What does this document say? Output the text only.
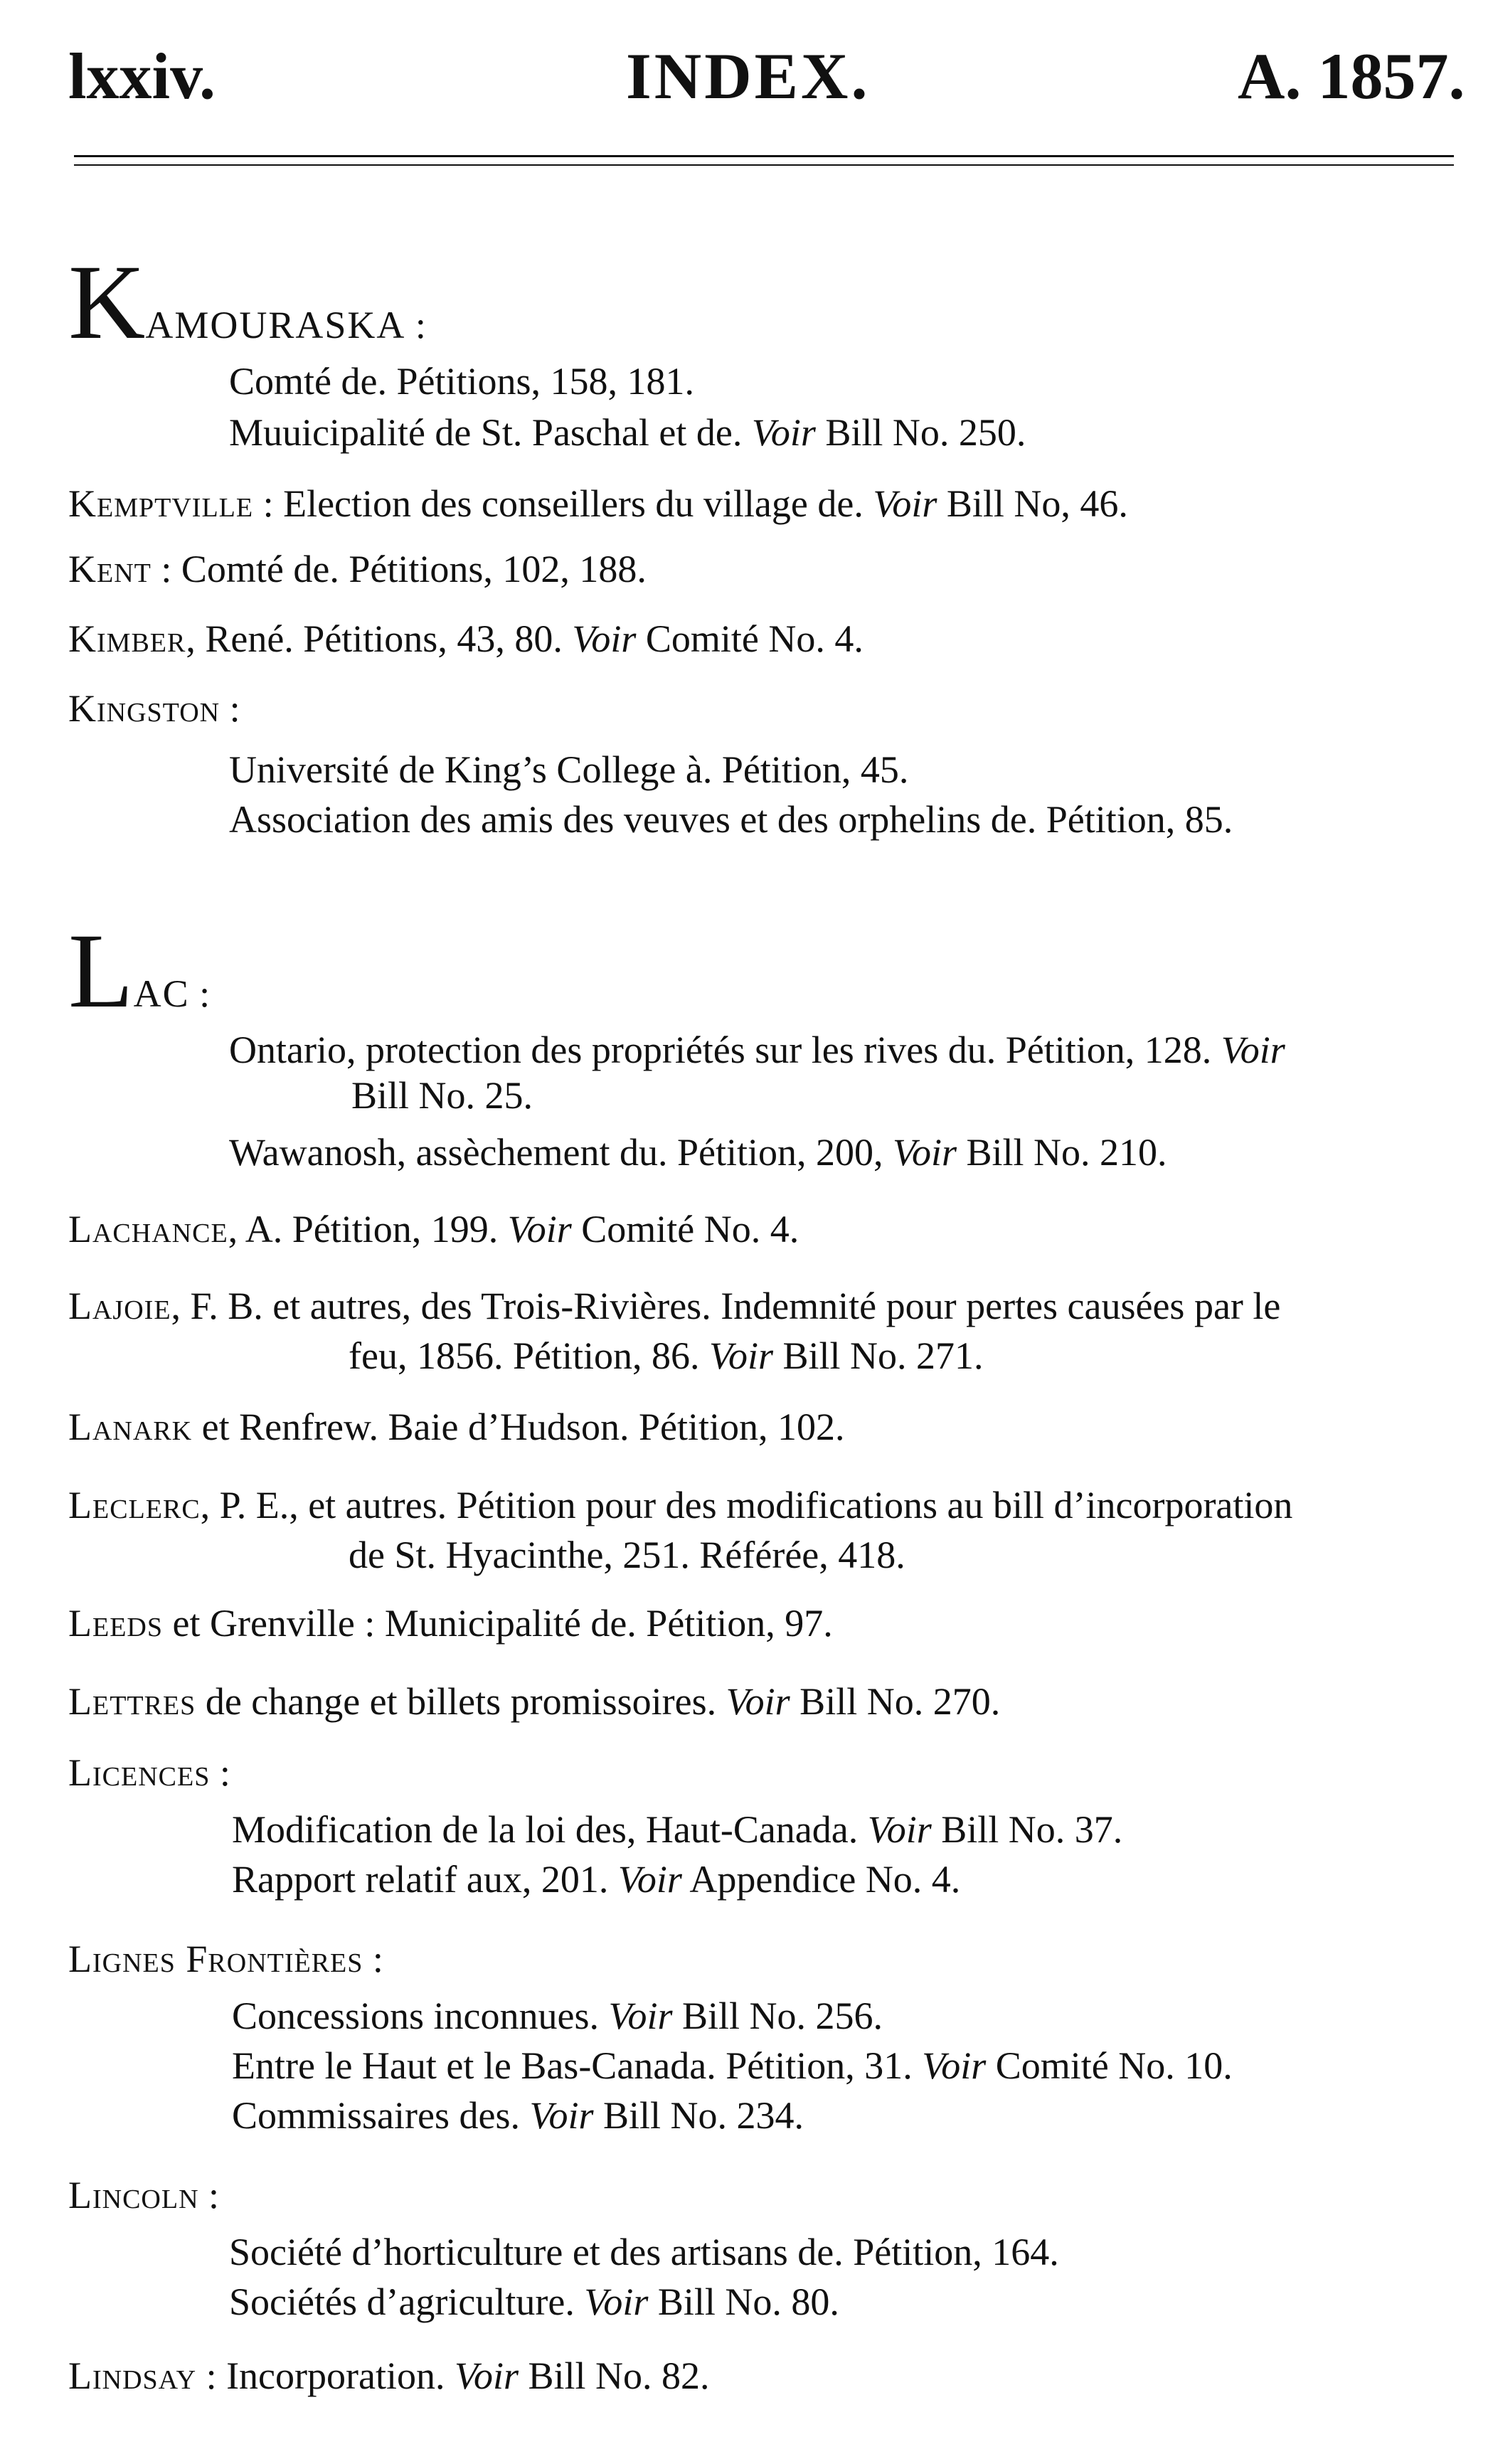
lxxiv.	INDEX.	A. 1857.
KAMOURASKA :
Comté de. Pétitions, 158, 181.
Muuicipalité de St. Paschal et de. Voir Bill No. 250.
Kemptville : Election des conseillers du village de. Voir Bill No, 46.
Kent : Comté de. Pétitions, 102, 188.
Kimber, René. Pétitions, 43, 80. Voir Comité No. 4.
Kingston :
Université de King’s College à. Pétition, 45.
Association des amis des veuves et des orphelins de. Pétition, 85.
LAC :
Ontario, protection des propriétés sur les rives du. Pétition, 128. Voir
Bill No. 25.
Wawanosh, assèchement du. Pétition, 200, Voir Bill No. 210.
Lachance, A. Pétition, 199. Voir Comité No. 4.
Lajoie, F. B. et autres, des Trois-Rivières. Indemnité pour pertes causées par le
feu, 1856. Pétition, 86. Voir Bill No. 271.
Lanark et Renfrew. Baie d’Hudson. Pétition, 102.
Leclerc, P. E., et autres. Pétition pour des modifications au bill d’incorporation
de St. Hyacinthe, 251. Référée, 418.
Leeds et Grenville : Municipalité de. Pétition, 97.
Lettres de change et billets promissoires. Voir Bill No. 270.
Licences :
Modification de la loi des, Haut-Canada. Voir Bill No. 37.
Rapport relatif aux, 201. Voir Appendice No. 4.
Lignes Frontières :
Concessions inconnues. Voir Bill No. 256.
Entre le Haut et le Bas-Canada. Pétition, 31. Voir Comité No. 10.
Commissaires des. Voir Bill No. 234.
Lincoln :
Société d’horticulture et des artisans de. Pétition, 164.
Sociétés d’agriculture. Voir Bill No. 80.
Lindsay : Incorporation. Voir Bill No. 82.
